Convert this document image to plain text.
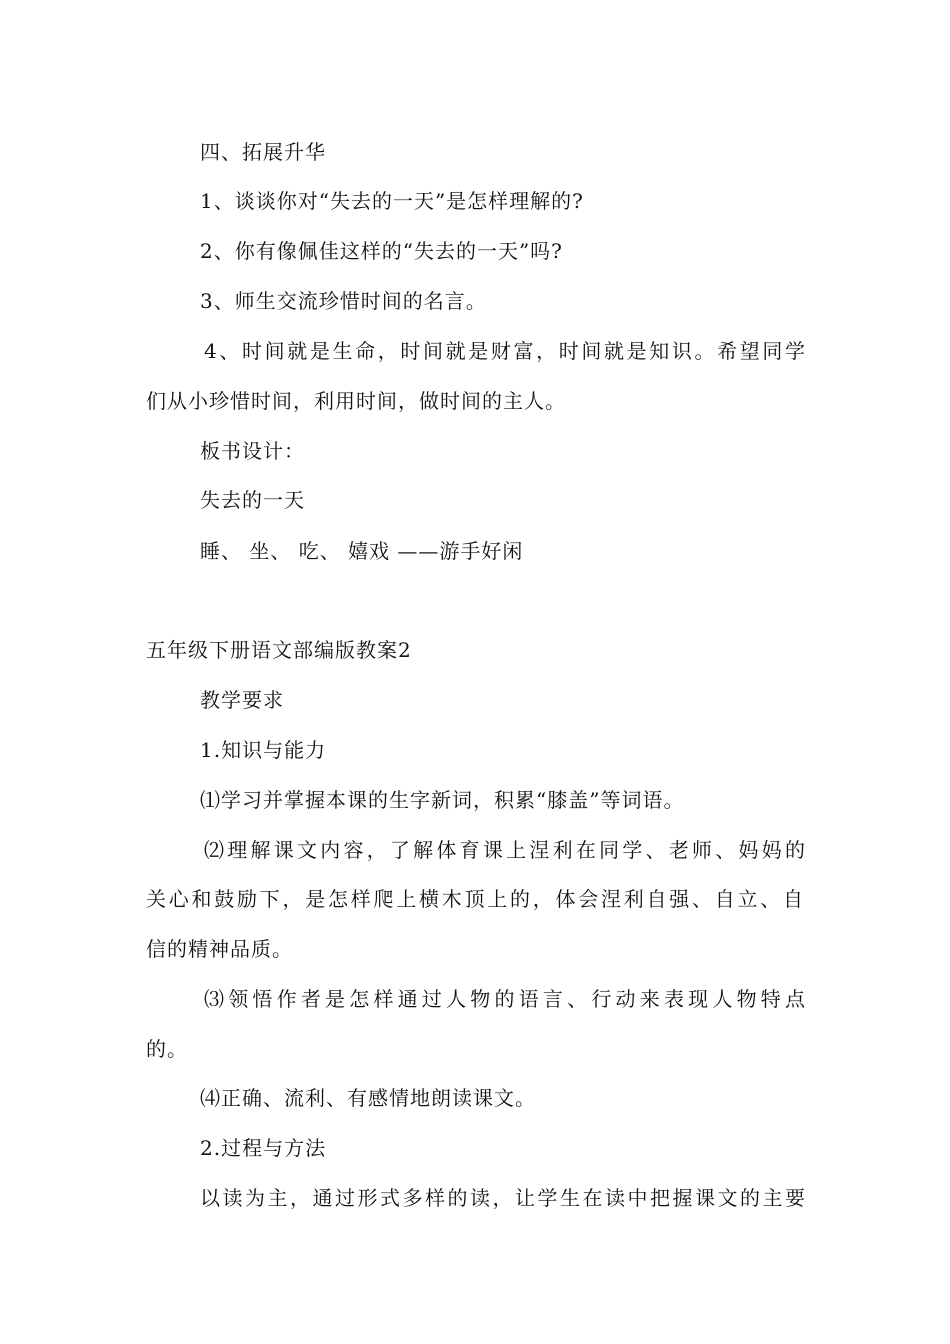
四、拓展升华

1、谈谈你对“失去的一天”是怎样理解的?

2、你有像佩佳这样的“失去的一天”吗?

3、师生交流珍惜时间的名言。

4、时间就是生命，时间就是财富，时间就是知识。希望同学

们从小珍惜时间，利用时间，做时间的主人。

板书设计：

失去的一天

睡、 坐、 吃、 嬉戏 ——游手好闲

五年级下册语文部编版教案2

教学要求

1.知识与能力

⑴学习并掌握本课的生字新词，积累“膝盖”等词语。

⑵理解课文内容，了解体育课上涅利在同学、老师、妈妈的

关心和鼓励下，是怎样爬上横木顶上的，体会涅利自强、自立、自

信的精神品质。

⑶领悟作者是怎样通过人物的语言、行动来表现人物特点

的。

⑷正确、流利、有感情地朗读课文。

2.过程与方法

以读为主，通过形式多样的读，让学生在读中把握课文的主要
